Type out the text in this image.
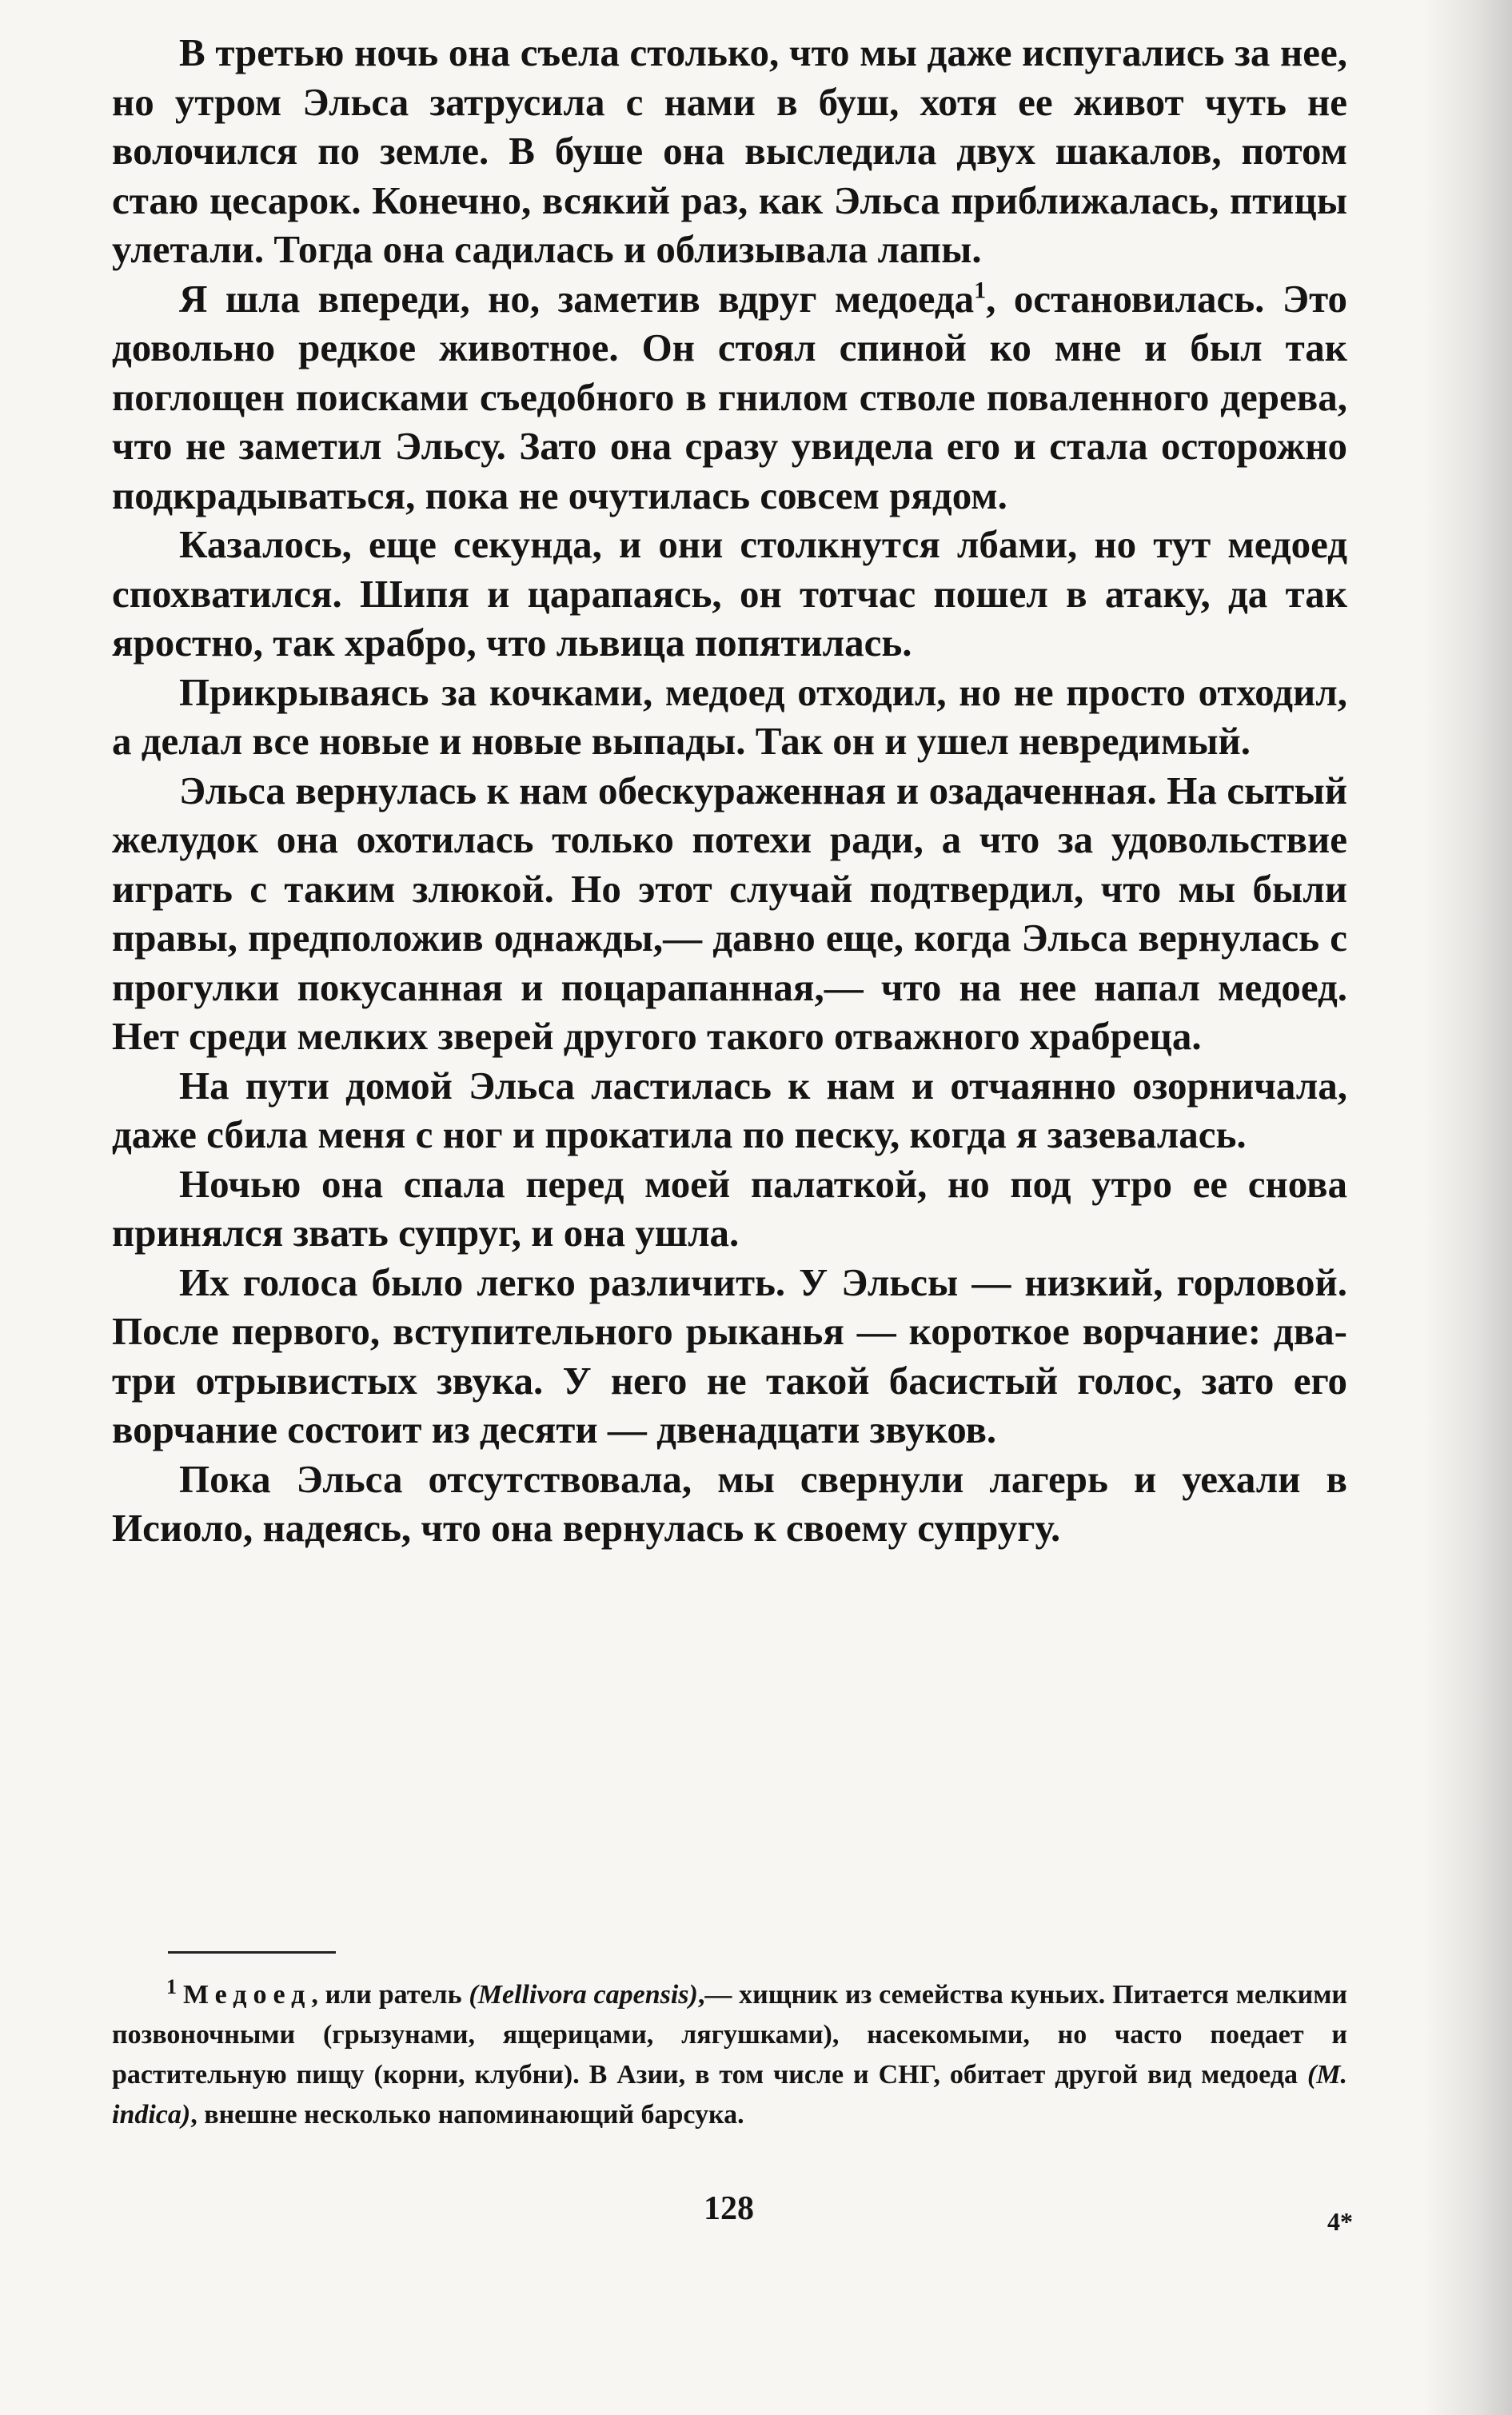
В третью ночь она съела столько, что мы даже испугались за нее, но утром Эльса затрусила с нами в буш, хотя ее живот чуть не волочился по земле. В буше она выследила двух шакалов, потом стаю цесарок. Конечно, всякий раз, как Эльса приближалась, птицы улетали. Тогда она садилась и облизывала лапы.

Я шла впереди, но, заметив вдруг медоеда$^1$, остановилась. Это довольно редкое животное. Он стоял спиной ко мне и был так поглощен поисками съедобного в гнилом стволе поваленного дерева, что не заметил Эльсу. Зато она сразу увидела его и стала осторожно подкрадываться, пока не очутилась совсем рядом.

Казалось, еще секунда, и они столкнутся лбами, но тут медоед спохватился. Шипя и царапаясь, он тотчас пошел в атаку, да так яростно, так храбро, что львица попятилась.

Прикрываясь за кочками, медоед отходил, но не просто отходил, а делал все новые и новые выпады. Так он и ушел невредимый.

Эльса вернулась к нам обескураженная и озадаченная. На сытый желудок она охотилась только потехи ради, а что за удовольствие играть с таким злюкой. Но этот случай подтвердил, что мы были правы, предположив однажды,— давно еще, когда Эльса вернулась с прогулки покусанная и поцарапанная,— что на нее напал медоед. Нет среди мелких зверей другого такого отважного храбреца.

На пути домой Эльса ластилась к нам и отчаянно озорничала, даже сбила меня с ног и прокатила по песку, когда я зазевалась.

Ночью она спала перед моей палаткой, но под утро ее снова принялся звать супруг, и она ушла.

Их голоса было легко различить. У Эльсы — низкий, горловой. После первого, вступительного рыканья — короткое ворчание: два-три отрывистых звука. У него не такой басистый голос, зато его ворчание состоит из десяти — двенадцати звуков.

Пока Эльса отсутствовала, мы свернули лагерь и уехали в Исиоло, надеясь, что она вернулась к своему супругу.

$^1$ Медоед, или ратель (Mellivora capensis),— хищник из семейства куньих. Питается мелкими позвоночными (грызунами, ящерицами, лягушками), насекомыми, но часто поедает и растительную пищу (корни, клубни). В Азии, в том числе и СНГ, обитает другой вид медоеда (M. indica), внешне несколько напоминающий барсука.

128	4*
